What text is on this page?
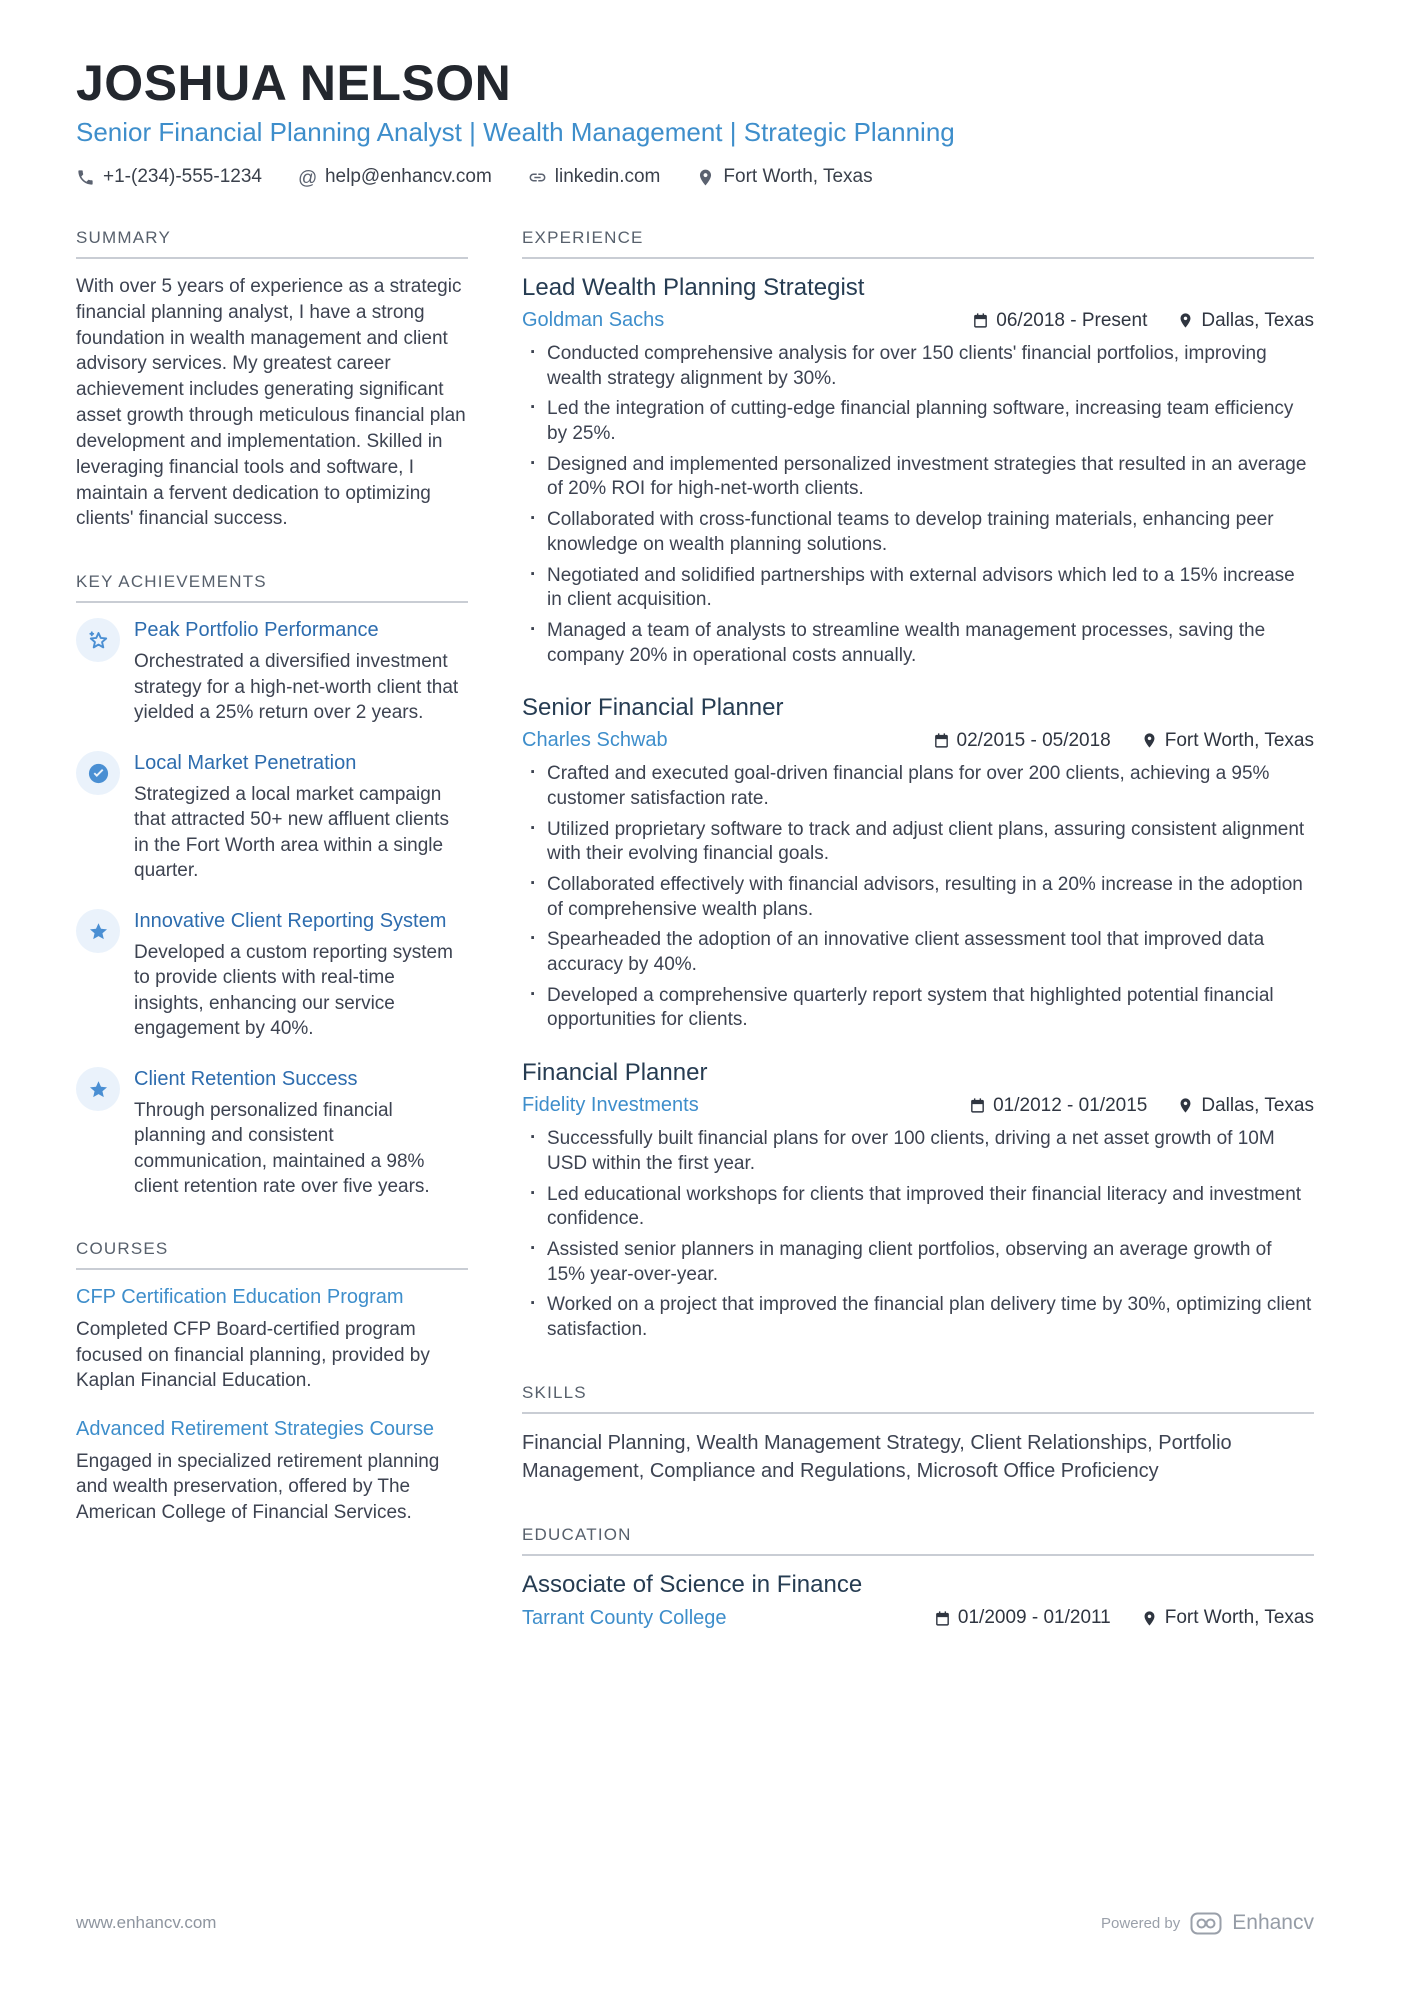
JOSHUA NELSON
Senior Financial Planning Analyst | Wealth Management | Strategic Planning
+1-(234)-555-1234 @	help@enhancv.com	linkedin.com	Fort Worth, Texas
SUMMARY

With over 5 years of experience as a strategic financial planning analyst, I have a strong foundation in wealth management and client advisory services. My greatest career achievement includes generating significant asset growth through meticulous financial plan development and implementation. Skilled in leveraging financial tools and software, I maintain a fervent dedication to optimizing clients' financial success.

KEY ACHIEVEMENTS
Peak Portfolio Performance
Orchestrated a diversified investment strategy for a high-net-worth client that yielded a 25% return over 2 years.
Local Market Penetration
Strategized a local market campaign that attracted 50+ new affluent clients in the Fort Worth area within a single quarter.
Innovative Client Reporting System
Developed a custom reporting system to provide clients with real-time insights, enhancing our service engagement by 40%.
Client Retention Success
Through personalized financial planning and consistent communication, maintained a 98% client retention rate over five years.
COURSES
CFP Certification Education Program
Completed CFP Board-certified program focused on financial planning, provided by Kaplan Financial Education.
Advanced Retirement Strategies Course
Engaged in specialized retirement planning and wealth preservation, offered by The American College of Financial Services.
EXPERIENCE
Lead Wealth Planning Strategist
Goldman Sachs	06/2018 - Present	Dallas, Texas
· Conducted comprehensive analysis for over 150 clients' financial portfolios, improving wealth strategy alignment by 30%.
· Led the integration of cutting-edge financial planning software, increasing team efficiency by 25%.
· Designed and implemented personalized investment strategies that resulted in an average of 20% ROI for high-net-worth clients.
· Collaborated with cross-functional teams to develop training materials, enhancing peer knowledge on wealth planning solutions.
· Negotiated and solidified partnerships with external advisors which led to a 15% increase in client acquisition.
· Managed a team of analysts to streamline wealth management processes, saving the company 20% in operational costs annually.
Senior Financial Planner
Charles Schwab	02/2015 - 05/2018	Fort Worth, Texas
· Crafted and executed goal-driven financial plans for over 200 clients, achieving a 95% customer satisfaction rate.
· Utilized proprietary software to track and adjust client plans, assuring consistent alignment with their evolving financial goals.
· Collaborated effectively with financial advisors, resulting in a 20% increase in the adoption of comprehensive wealth plans.
· Spearheaded the adoption of an innovative client assessment tool that improved data accuracy by 40%.
· Developed a comprehensive quarterly report system that highlighted potential financial opportunities for clients.
Financial Planner
Fidelity Investments	01/2012 - 01/2015	Dallas, Texas
· Successfully built financial plans for over 100 clients, driving a net asset growth of 10M USD within the first year.
· Led educational workshops for clients that improved their financial literacy and investment confidence.
· Assisted senior planners in managing client portfolios, observing an average growth of 15% year-over-year.
· Worked on a project that improved the financial plan delivery time by 30%, optimizing client satisfaction.
SKILLS

Financial Planning, Wealth Management Strategy, Client Relationships, Portfolio Management, Compliance and Regulations, Microsoft Office Proficiency

EDUCATION
Associate of Science in Finance
Tarrant County College	01/2009 - 01/2011	Fort Worth, Texas
www.enhancv.com	Powered by Enhancv
